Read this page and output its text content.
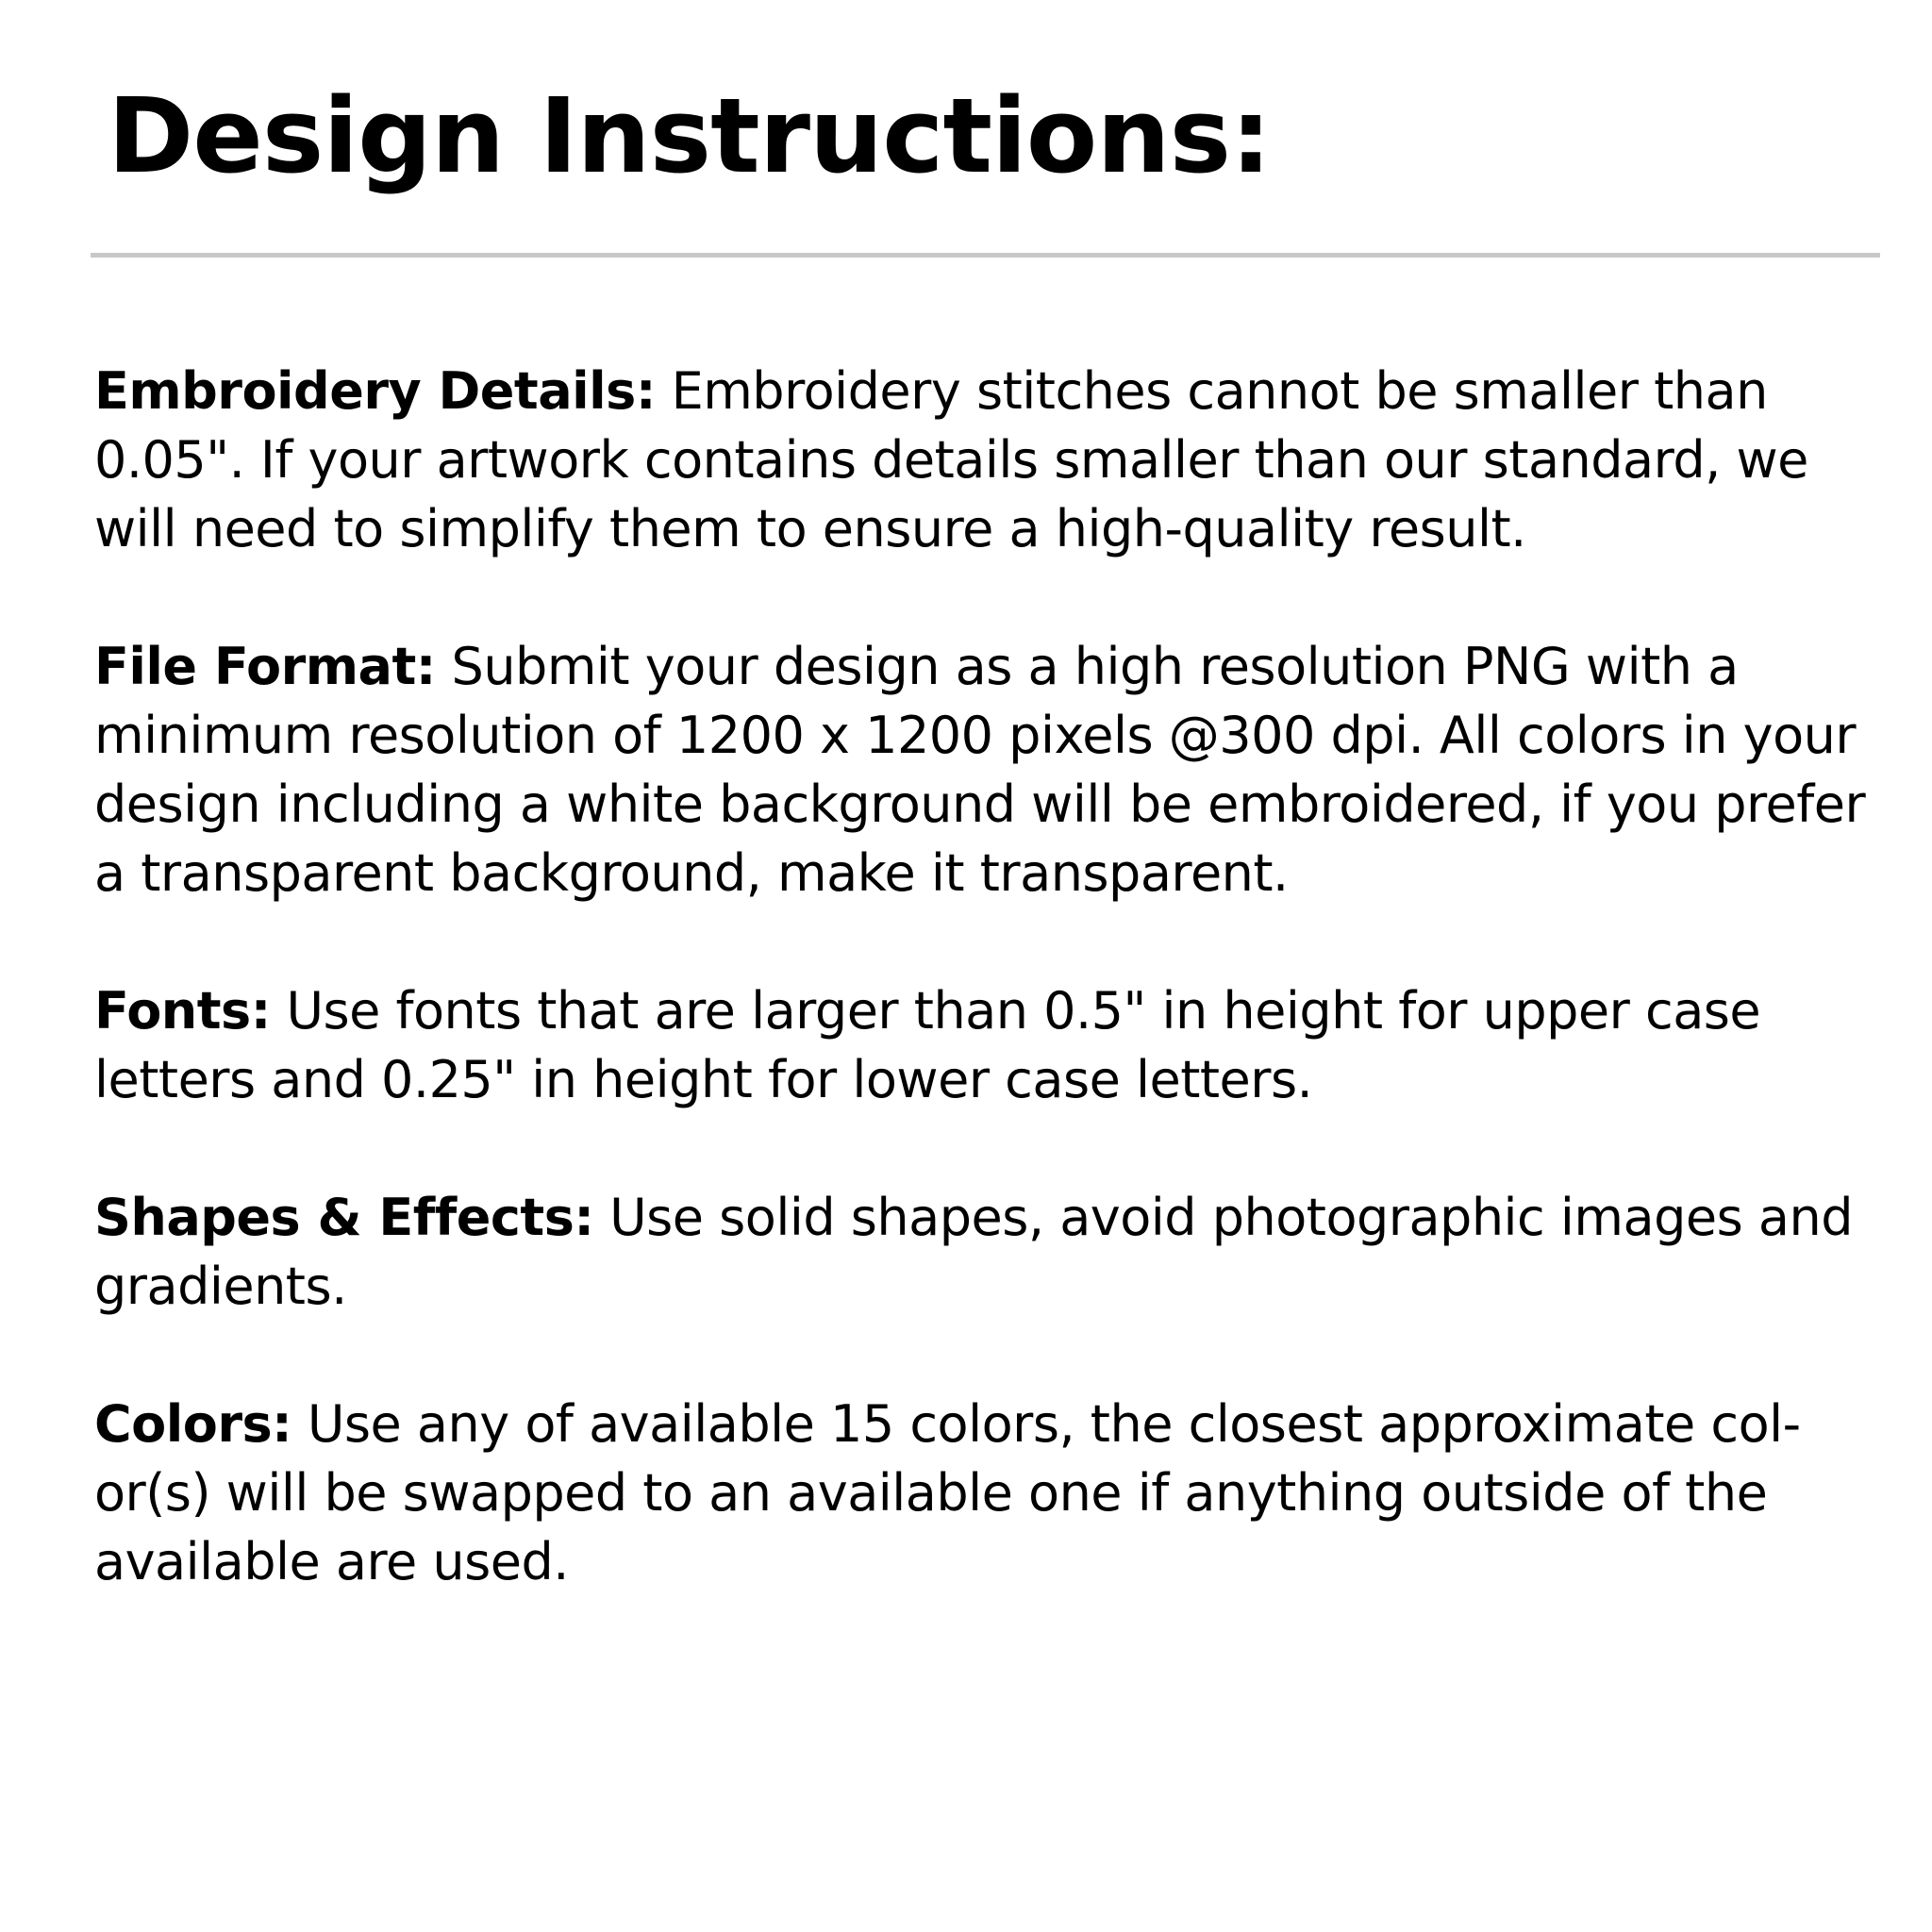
Design Instructions:

Embroidery Details: Embroidery stitches cannot be smaller than 0.05". If your artwork contains details smaller than our standard, we will need to simplify them to ensure a high-quality result.

File Format: Submit your design as a high resolution PNG with a minimum resolution of 1200 x 1200 pixels @300 dpi. All colors in your design including a white background will be embroidered, if you prefer a transparent background, make it transparent.

Fonts: Use fonts that are larger than 0.5" in height for upper case letters and 0.25" in height for lower case letters.

Shapes & Effects: Use solid shapes, avoid photographic images and gradients.

Colors: Use any of available 15 colors, the closest approximate col-or(s) will be swapped to an available one if anything outside of the available are used.
